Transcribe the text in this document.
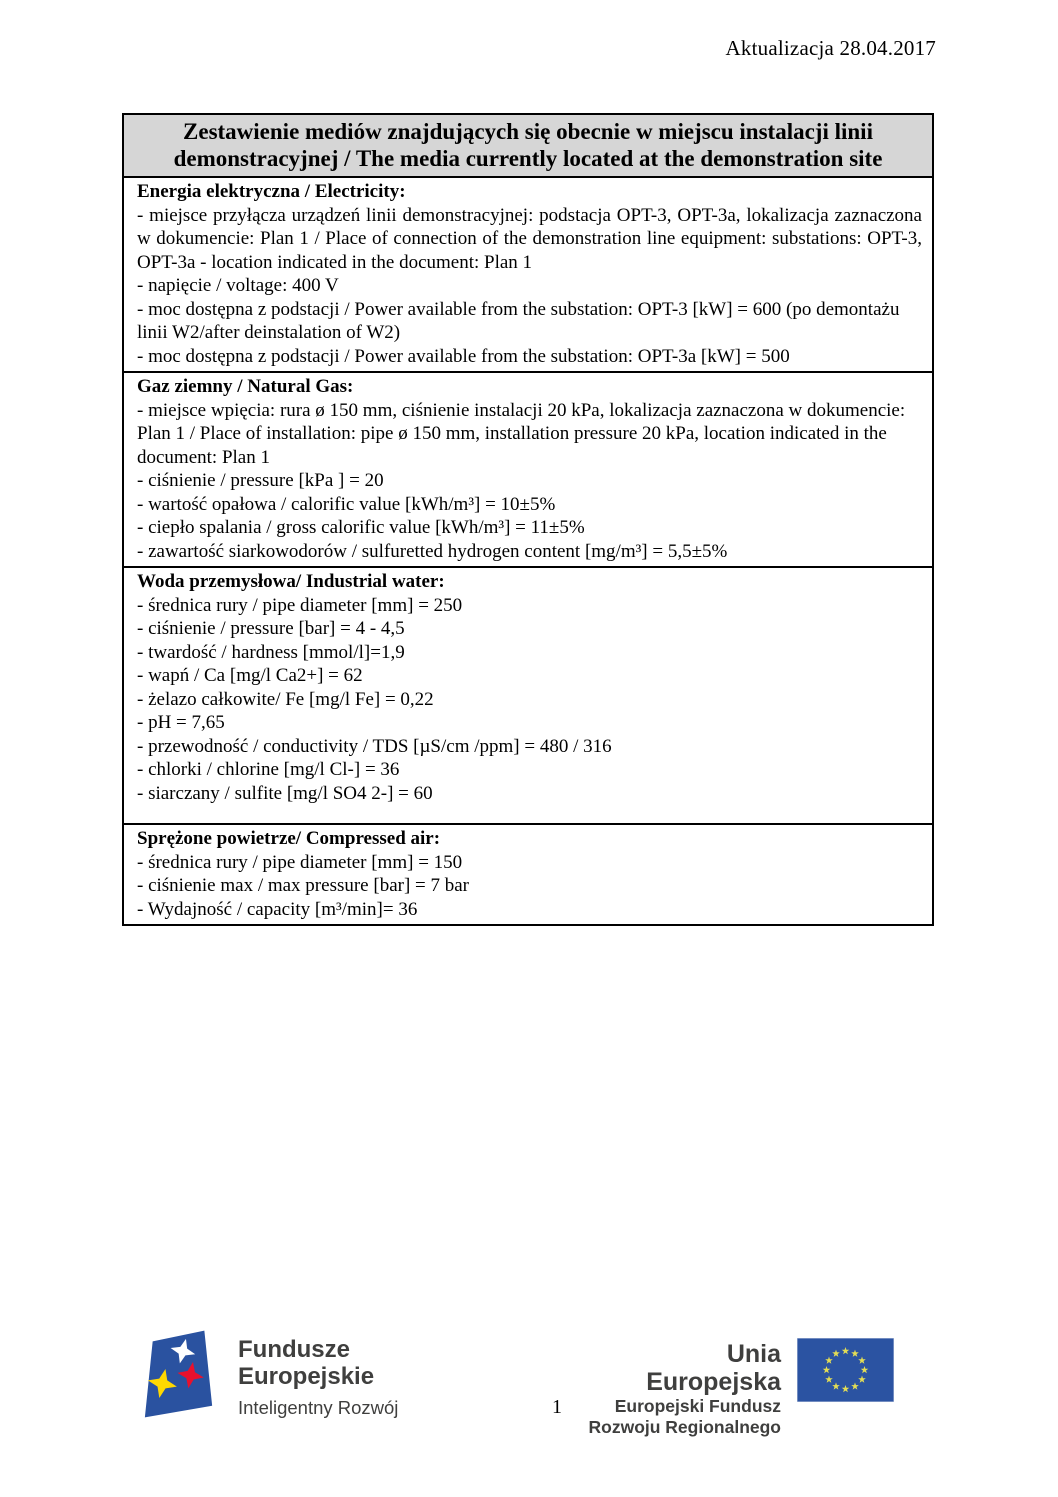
Aktualizacja 28.04.2017
Zestawienie mediów znajdujących się obecnie w miejscu instalacji linii demonstracyjnej / The media currently located at the demonstration site

Energia elektryczna / Electricity:

- miejsce przyłącza urządzeń linii demonstracyjnej: podstacja OPT-3, OPT-3a, lokalizacja zaznaczona w dokumencie: Plan 1 / Place of connection of the demonstration line equipment: substations: OPT-3, OPT-3a - location indicated in the document: Plan 1

- napięcie / voltage: 400 V

- moc dostępna z podstacji / Power available from the substation: OPT-3 [kW] = 600 (po demontażu linii W2/after deinstalation of W2)

- moc dostępna z podstacji / Power available from the substation: OPT-3a [kW] = 500

Gaz ziemny / Natural Gas:

- miejsce wpięcia: rura ø 150 mm, ciśnienie instalacji 20 kPa, lokalizacja zaznaczona w dokumencie: Plan 1 / Place of installation: pipe ø 150 mm, installation pressure 20 kPa, location indicated in the document: Plan 1

- ciśnienie / pressure [kPa ] = 20

- wartość opałowa / calorific value [kWh/m³] = 10±5%

- ciepło spalania / gross calorific value [kWh/m³] = 11±5%

- zawartość siarkowodorów / sulfuretted hydrogen content [mg/m³] = 5,5±5%

Woda przemysłowa/ Industrial water:

- średnica rury / pipe diameter [mm] = 250

- ciśnienie / pressure [bar] = 4 - 4,5

- twardość / hardness [mmol/l]=1,9

- wapń / Ca [mg/l Ca2+] = 62

- żelazo całkowite/ Fe [mg/l Fe] = 0,22

- pH = 7,65

- przewodność / conductivity / TDS [µS/cm /ppm] = 480 / 316

- chlorki / chlorine [mg/l Cl-] = 36

- siarczany / sulfite [mg/l SO4 2-] = 60

Sprężone powietrze/ Compressed air:

- średnica rury / pipe diameter [mm] = 150

- ciśnienie max / max pressure [bar] = 7 bar

- Wydajność / capacity [m³/min]= 36

Fundusze
Europejskie
Inteligentny Rozwój
Unia Europejska
Europejski Fundusz
Rozwoju Regionalnego
1
